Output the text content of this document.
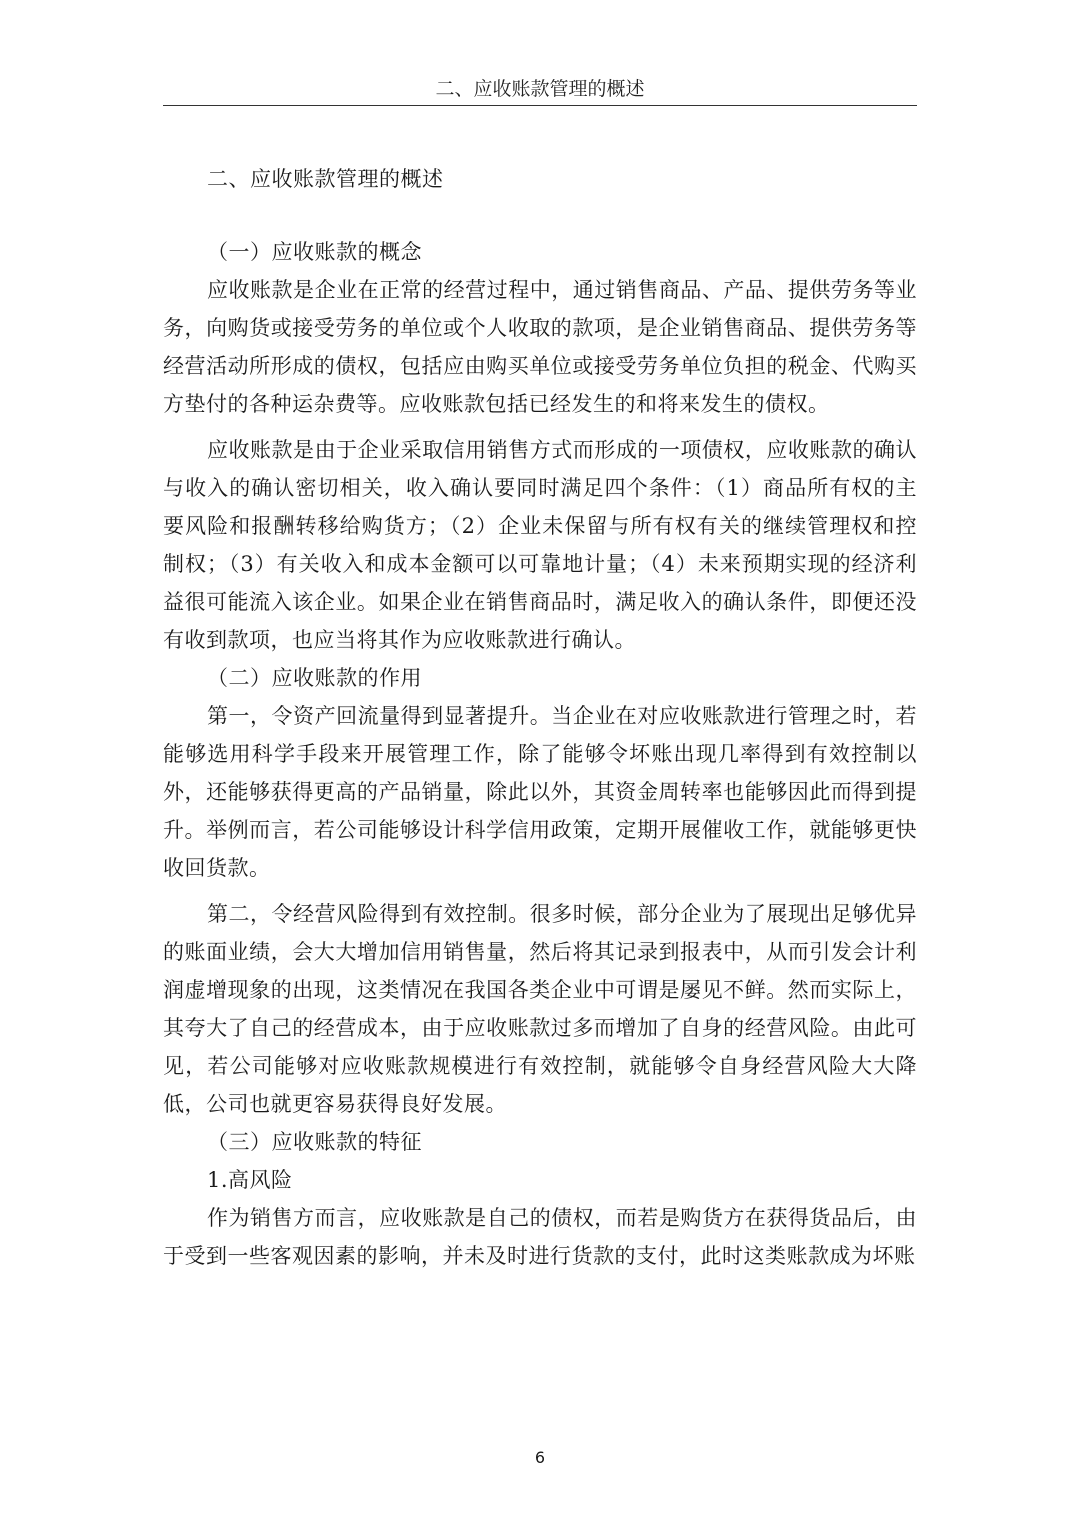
二、应收账款管理的概述
二、应收账款管理的概述
（一）应收账款的概念

应收账款是企业在正常的经营过程中，通过销售商品、产品、提供劳务等业务，向购货或接受劳务的单位或个人收取的款项，是企业销售商品、提供劳务等经营活动所形成的债权，包括应由购买单位或接受劳务单位负担的税金、代购买方垫付的各种运杂费等。应收账款包括已经发生的和将来发生的债权。

应收账款是由于企业采取信用销售方式而形成的一项债权，应收账款的确认与收入的确认密切相关，收入确认要同时满足四个条件：（1）商品所有权的主要风险和报酬转移给购货方；（2）企业未保留与所有权有关的继续管理权和控制权；（3）有关收入和成本金额可以可靠地计量；（4）未来预期实现的经济利益很可能流入该企业。如果企业在销售商品时，满足收入的确认条件，即便还没有收到款项，也应当将其作为应收账款进行确认。

（二）应收账款的作用

第一，令资产回流量得到显著提升。当企业在对应收账款进行管理之时，若能够选用科学手段来开展管理工作，除了能够令坏账出现几率得到有效控制以外，还能够获得更高的产品销量，除此以外，其资金周转率也能够因此而得到提升。举例而言，若公司能够设计科学信用政策，定期开展催收工作，就能够更快收回货款。

第二，令经营风险得到有效控制。很多时候，部分企业为了展现出足够优异的账面业绩，会大大增加信用销售量，然后将其记录到报表中，从而引发会计利润虚增现象的出现，这类情况在我国各类企业中可谓是屡见不鲜。然而实际上，其夸大了自己的经营成本，由于应收账款过多而增加了自身的经营风险。由此可见，若公司能够对应收账款规模进行有效控制，就能够令自身经营风险大大降低，公司也就更容易获得良好发展。

（三）应收账款的特征

1.高风险

作为销售方而言，应收账款是自己的债权，而若是购货方在获得货品后，由于受到一些客观因素的影响，并未及时进行货款的支付，此时这类账款成为坏账

6
